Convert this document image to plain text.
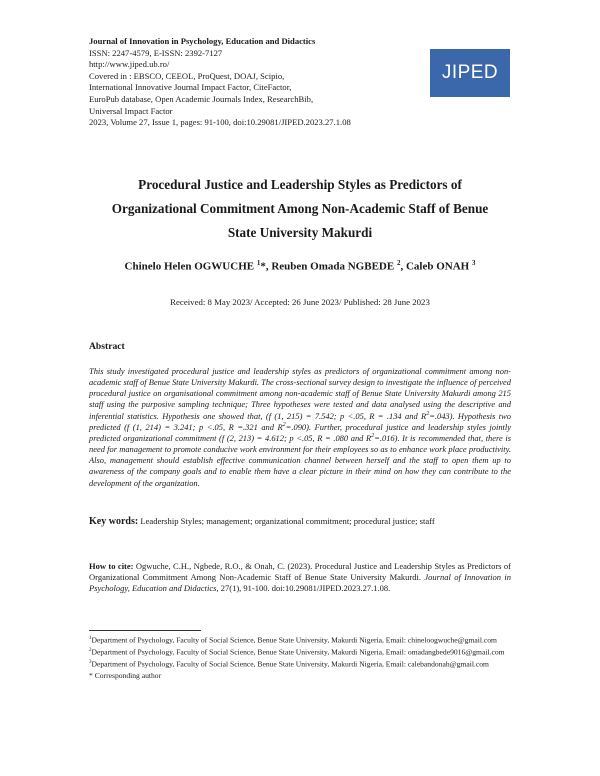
Journal of Innovation in Psychology, Education and Didactics
ISSN: 2247-4579, E-ISSN: 2392-7127
http://www.jiped.ub.ro/
Covered in : EBSCO, CEEOL, ProQuest, DOAJ, Scipio,
International Innovative Journal Impact Factor, CiteFactor,
EuroPub database, Open Academic Journals Index, ResearchBib,
Universal Impact Factor
2023, Volume 27, Issue 1, pages: 91-100, doi:10.29081/JIPED.2023.27.1.08
JIPED
Procedural Justice and Leadership Styles as Predictors of
Organizational Commitment Among Non-Academic Staff of Benue
State University Makurdi
Chinelo Helen OGWUCHE $^1$*, Reuben Omada NGBEDE $^2$, Caleb ONAH $^3$
Received: 8 May 2023/ Accepted: 26 June 2023/ Published: 28 June 2023
Abstract
This study investigated procedural justice and leadership styles as predictors of organizational commitment among non-academic staff of Benue State University Makurdi. The cross-sectional survey design to investigate the influence of perceived procedural justice on organisational commitment among non-academic staff of Benue State University Makurdi among 215 staff using the purposive sampling technique; Three hypotheses were tested and data analysed using the descriptive and inferential statistics. Hypothesis one showed that, (f (1, 215) = 7.542; p <.05, R = .134 and $R^2=.043$). Hypothesis two predicted (f (1, 214) = 3.241; p <.05, R =.321 and $R^2=.090$). Further, procedural justice and leadership styles jointly predicted organizational commitment (f (2, 213) = 4.612; p <.05, R = .080 and $R^2=.016$). It is recommended that, there is need for management to promote conducive work environment for their employees so as to enhance work place productivity. Also, management should establish effective communication channel between herself and the staff to open them up to awareness of the company goals and to enable them have a clear picture in their mind on how they can contribute to the development of the organization.
Key words: Leadership Styles; management; organizational commitment; procedural justice; staff
How to cite: Ogwuche, C.H., Ngbede, R.O., & Onah, C. (2023). Procedural Justice and Leadership Styles as Predictors of Organizational Commitment Among Non-Academic Staff of Benue State University Makurdi. Journal of Innovation in Psychology, Education and Didactics, 27(1), 91-100. doi:10.29081/JIPED.2023.27.1.08.
$^1$Department of Psychology, Faculty of Social Science, Benue State University, Makurdi Nigeria, Email: chineloogwuche@gmail.com
$^2$Department of Psychology, Faculty of Social Science, Benue State University, Makurdi Nigeria, Email: omadangbede9016@gmail.com
$^3$Department of Psychology, Faculty of Social Science, Benue State University, Makurdi Nigeria, Email: calebandonah@gmail.com
* Corresponding author
